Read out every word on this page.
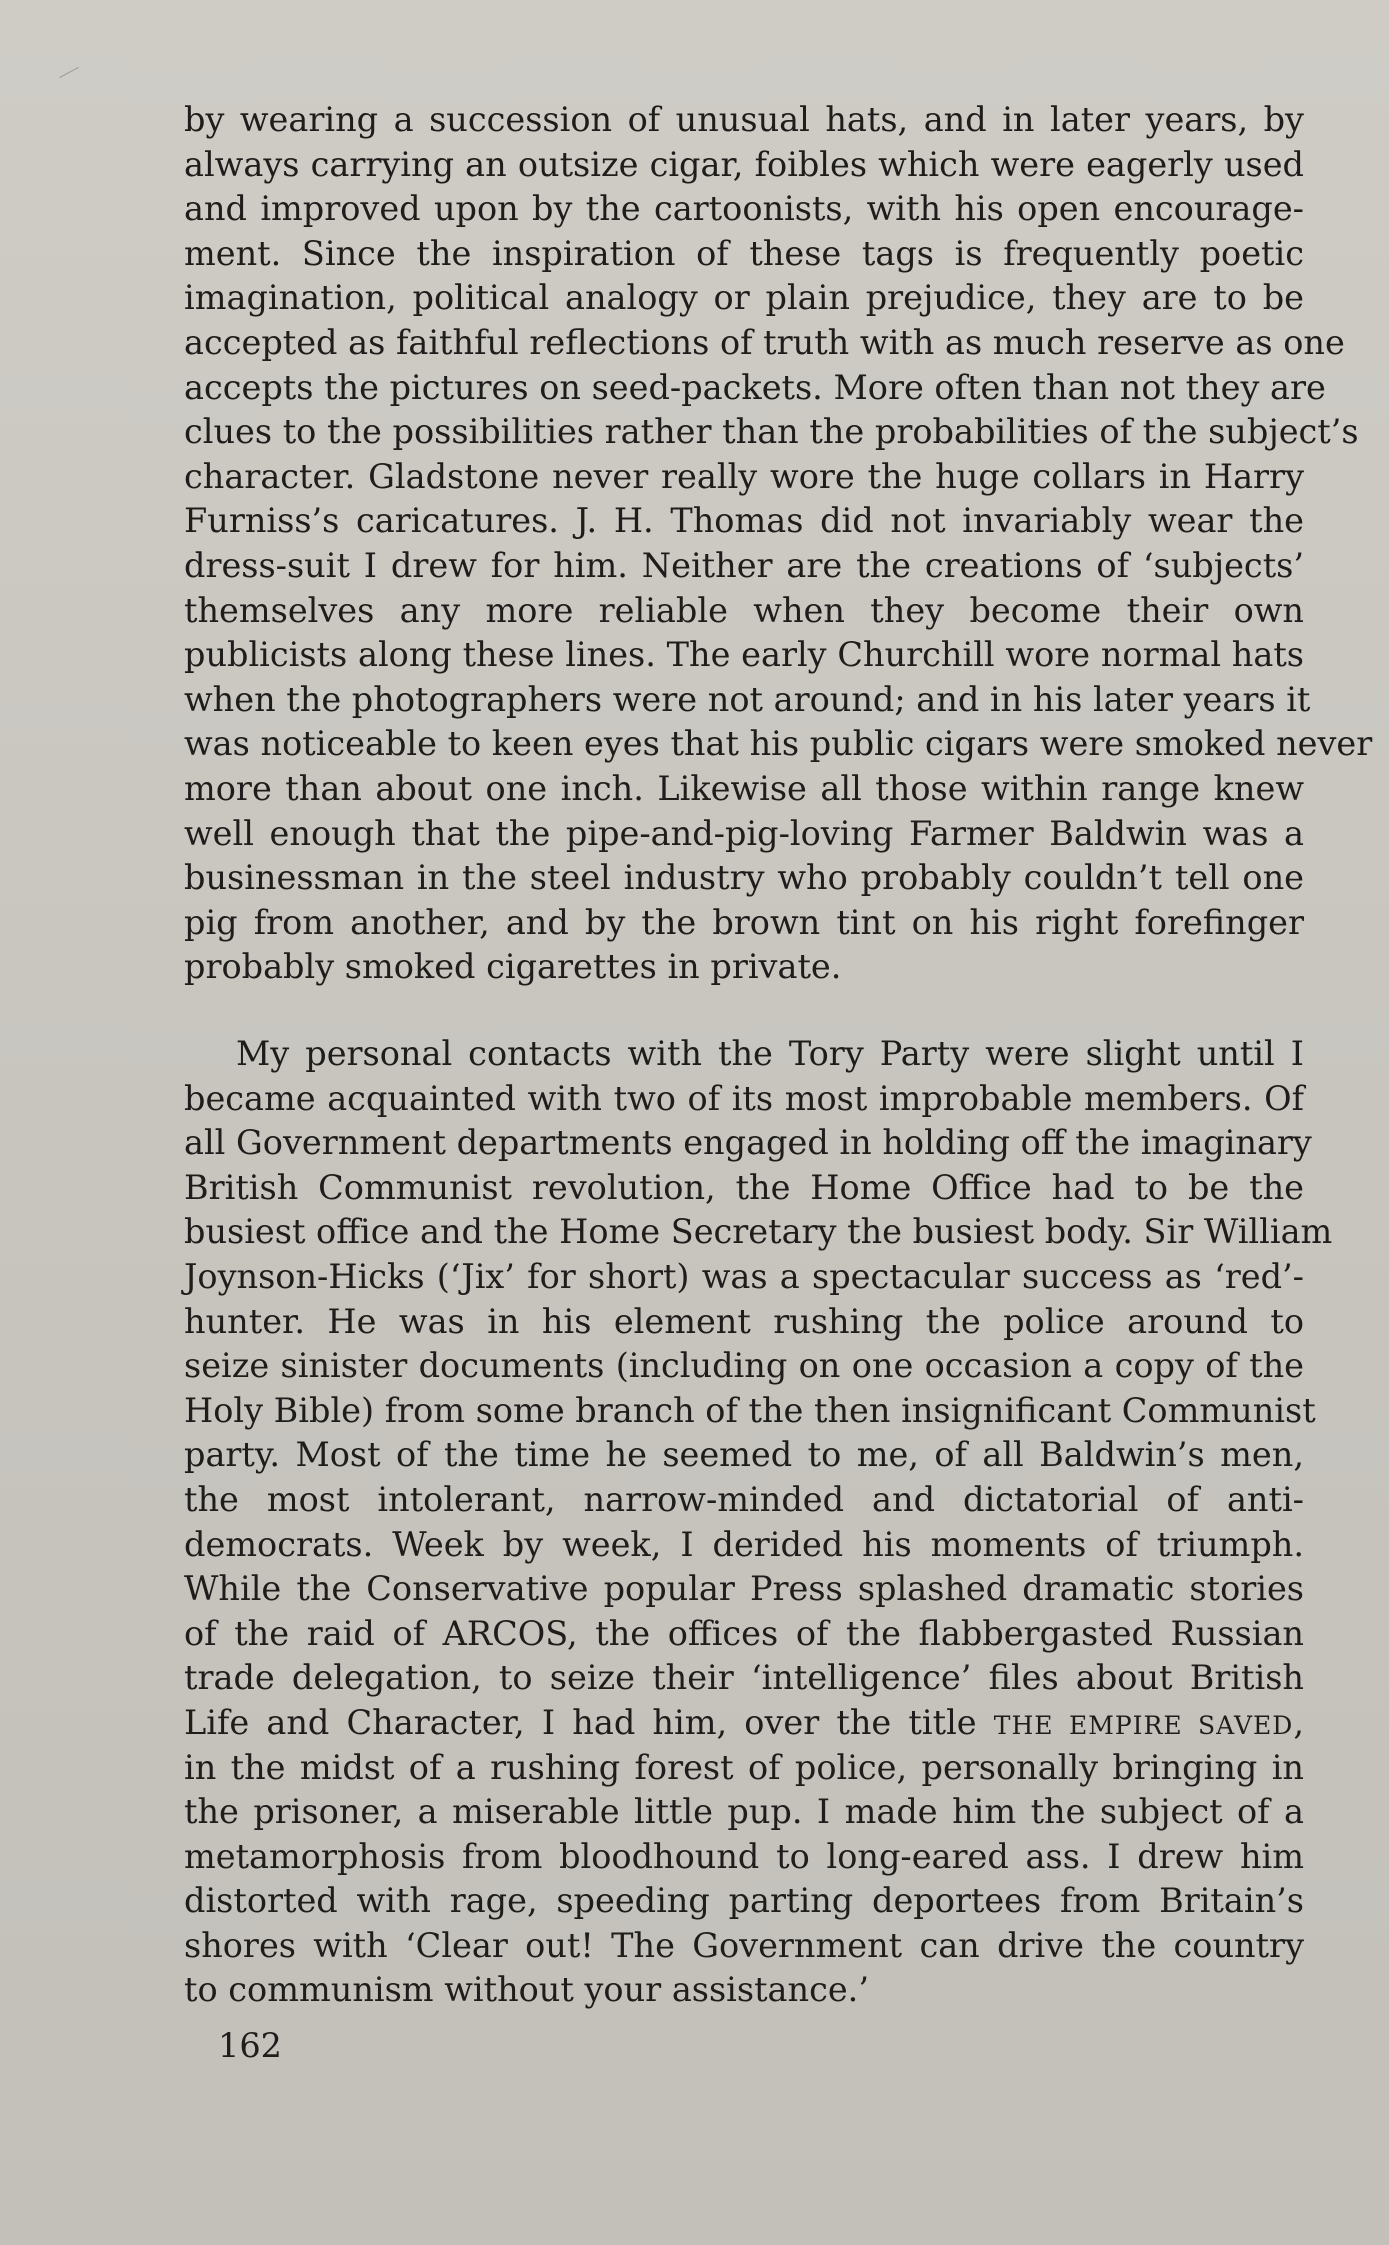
by wearing a succession of unusual hats, and in later years, by
always carrying an outsize cigar, foibles which were eagerly used
and improved upon by the cartoonists, with his open encourage-
ment. Since the inspiration of these tags is frequently poetic
imagination, political analogy or plain prejudice, they are to be
accepted as faithful reflections of truth with as much reserve as one
accepts the pictures on seed-packets. More often than not they are
clues to the possibilities rather than the probabilities of the subject’s
character. Gladstone never really wore the huge collars in Harry
Furniss’s caricatures. J. H. Thomas did not invariably wear the
dress-suit I drew for him. Neither are the creations of ‘subjects’
themselves any more reliable when they become their own
publicists along these lines. The early Churchill wore normal hats
when the photographers were not around; and in his later years it
was noticeable to keen eyes that his public cigars were smoked never
more than about one inch. Likewise all those within range knew
well enough that the pipe-and-pig-loving Farmer Baldwin was a
businessman in the steel industry who probably couldn’t tell one
pig from another, and by the brown tint on his right forefinger
probably smoked cigarettes in private.
My personal contacts with the Tory Party were slight until I
became acquainted with two of its most improbable members. Of
all Government departments engaged in holding off the imaginary
British Communist revolution, the Home Office had to be the
busiest office and the Home Secretary the busiest body. Sir William
Joynson-Hicks (‘Jix’ for short) was a spectacular success as ‘red’-
hunter. He was in his element rushing the police around to
seize sinister documents (including on one occasion a copy of the
Holy Bible) from some branch of the then insignificant Communist
party. Most of the time he seemed to me, of all Baldwin’s men,
the most intolerant, narrow-minded and dictatorial of anti-
democrats. Week by week, I derided his moments of triumph.
While the Conservative popular Press splashed dramatic stories
of the raid of ARCOS, the offices of the flabbergasted Russian
trade delegation, to seize their ‘intelligence’ files about British
Life and Character, I had him, over the title THE EMPIRE SAVED,
in the midst of a rushing forest of police, personally bringing in
the prisoner, a miserable little pup. I made him the subject of a
metamorphosis from bloodhound to long-eared ass. I drew him
distorted with rage, speeding parting deportees from Britain’s
shores with ‘Clear out! The Government can drive the country
to communism without your assistance.’
162
